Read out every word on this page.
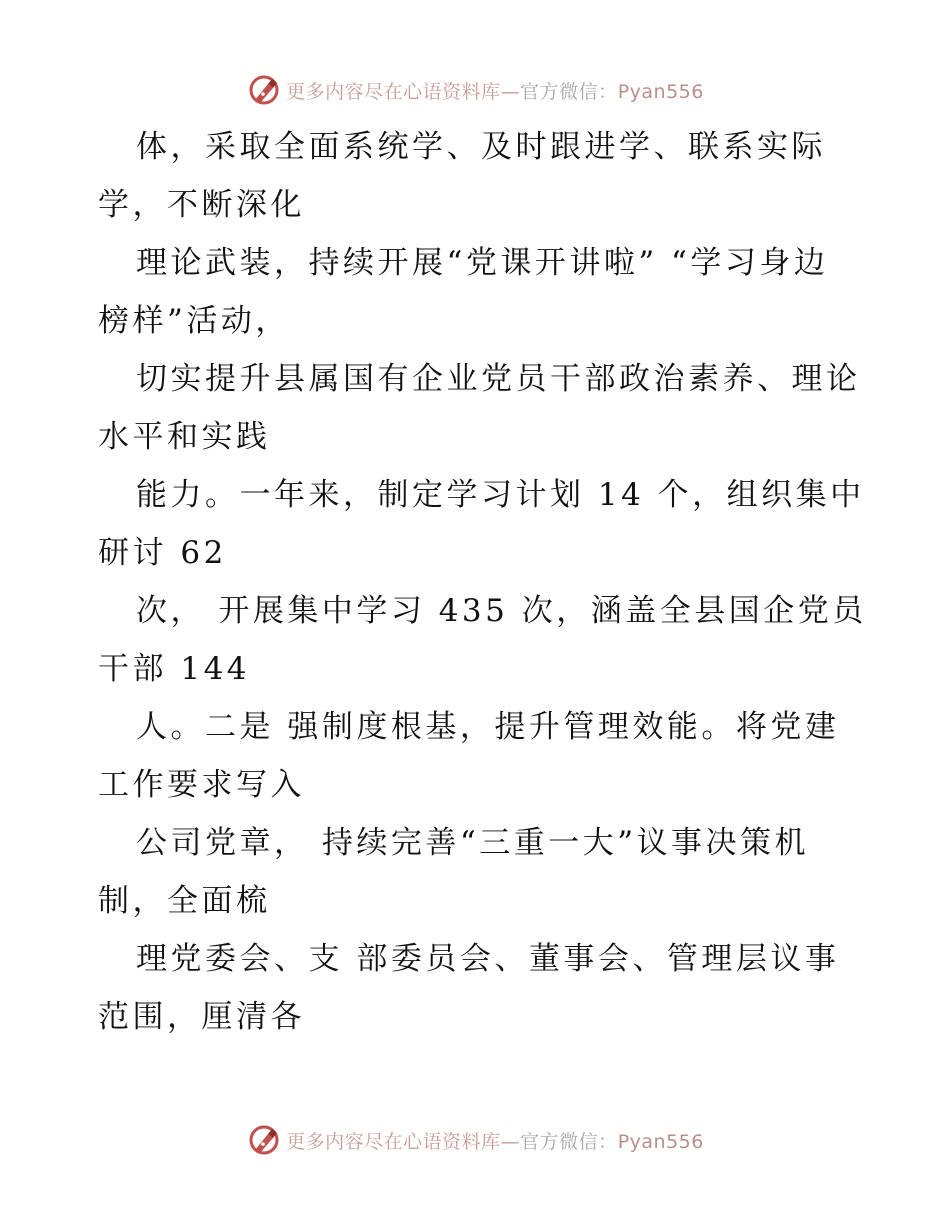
更多内容尽在心语资料库—官方微信：Pyan556

体，采取全面系统学、及时跟进学、联系实际
学，不断深化

理论武装，持续开展“党课开讲啦” “学习身边
榜样”活动，

切实提升县属国有企业党员干部政治素养、理论
水平和实践

能力。一年来，制定学习计划 14 个，组织集中
研讨 62

次， 开展集中学习 435 次，涵盖全县国企党员
干部 144

人。二是 强制度根基，提升管理效能。将党建
工作要求写入

公司党章， 持续完善“三重一大”议事决策机
制，全面梳

理党委会、支 部委员会、董事会、管理层议事
范围，厘清各

更多内容尽在心语资料库—官方微信：Pyan556
